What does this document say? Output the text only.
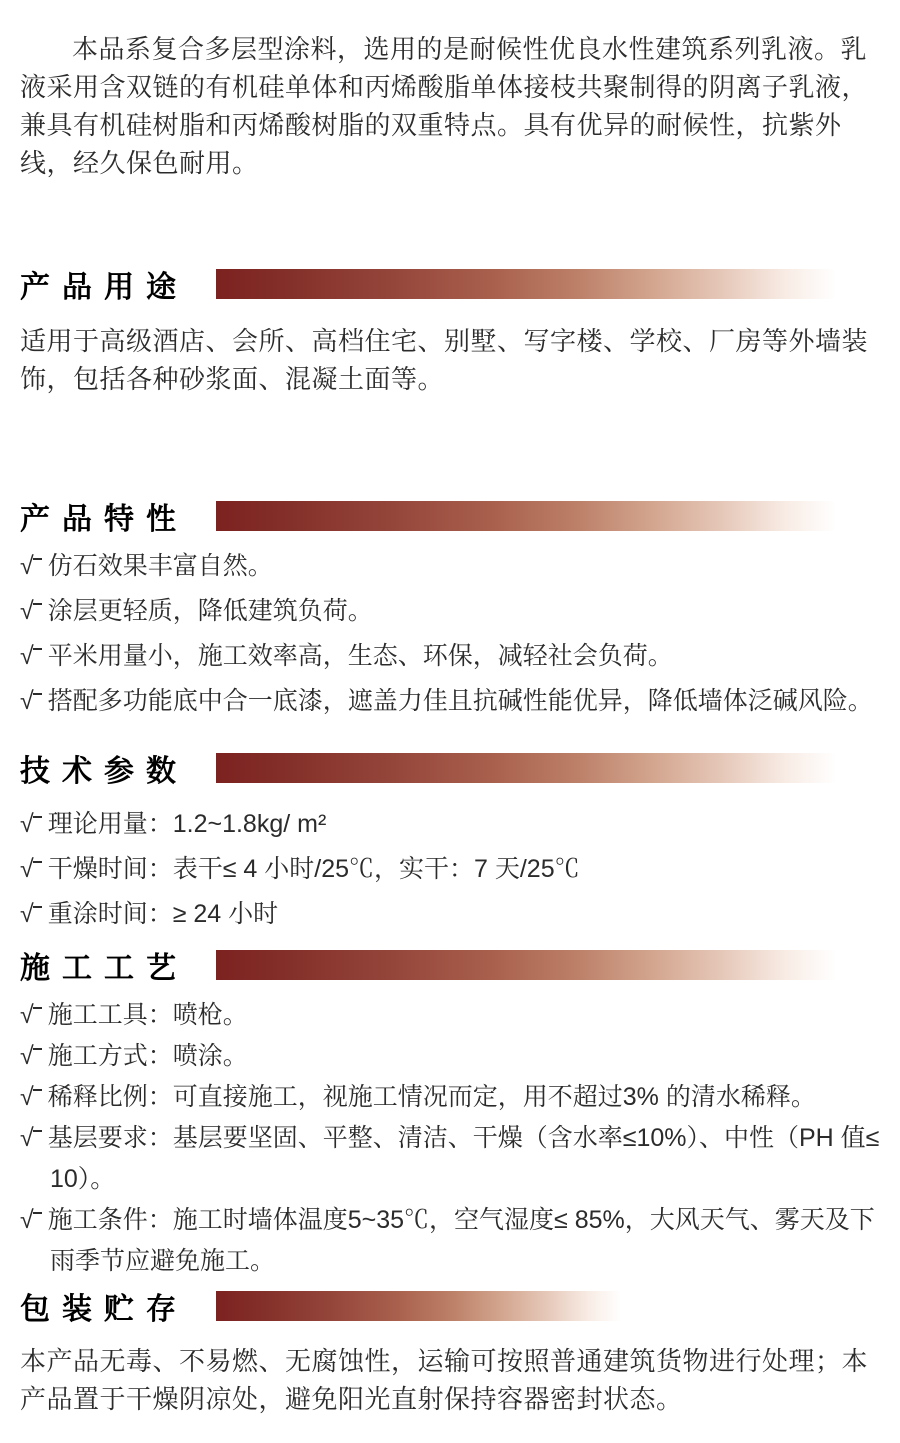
本品系复合多层型涂料，选用的是耐候性优良水性建筑系列乳液。乳液采用含双链的有机硅单体和丙烯酸脂单体接枝共聚制得的阴离子乳液，兼具有机硅树脂和丙烯酸树脂的双重特点。具有优异的耐候性，抗紫外线，经久保色耐用。

产品用途

适用于高级酒店、会所、高档住宅、别墅、写字楼、学校、厂房等外墙装饰，包括各种砂浆面、混凝土面等。

产品特性
√ 仿石效果丰富自然。
√ 涂层更轻质，降低建筑负荷。
√ 平米用量小，施工效率高，生态、环保，减轻社会负荷。
√ 搭配多功能底中合一底漆，遮盖力佳且抗碱性能优异，降低墙体泛碱风险。
技术参数
√ 理论用量：1.2~1.8kg/ m²
√ 干燥时间：表干≤ 4 小时/25℃，实干：7 天/25℃
√ 重涂时间：≥ 24 小时
施工工艺
√ 施工工具：喷枪。
√ 施工方式：喷涂。
√ 稀释比例：可直接施工，视施工情况而定，用不超过3% 的清水稀释。
√ 基层要求：基层要坚固、平整、清洁、干燥（含水率≤10%）、中性（PH 值≤ 10）。
√ 施工条件：施工时墙体温度5~35℃，空气湿度≤ 85%，大风天气、雾天及下雨季节应避免施工。
包装贮存

本产品无毒、不易燃、无腐蚀性，运输可按照普通建筑货物进行处理；本产品置于干燥阴凉处，避免阳光直射保持容器密封状态。
